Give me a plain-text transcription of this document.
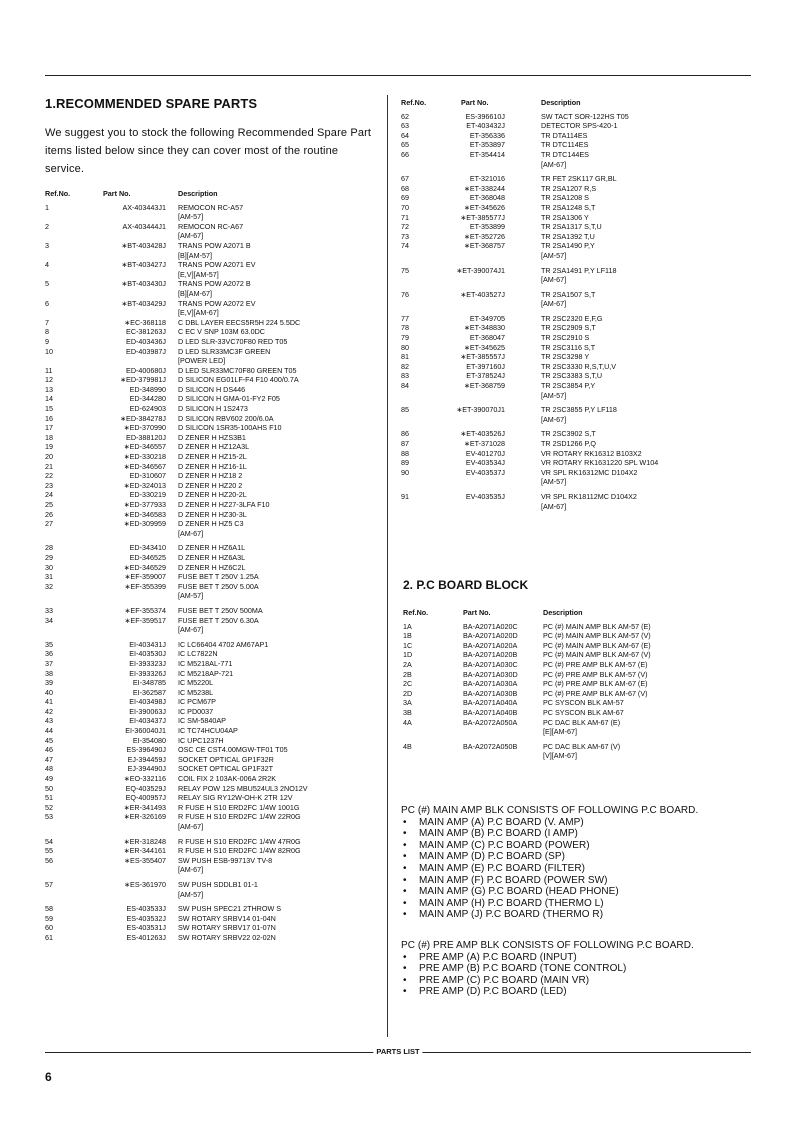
1.RECOMMENDED SPARE PARTS
We suggest you to stock the following Recommended Spare Part items listed below since they can cover most of the routine service.
Ref.No.	Part No.	Description
1	AX-403443J1	REMOCON RC-A57
[AM-57]
2	AX-403444J1	REMOCON RC-A67
[AM-67]
3	∗BT-403428J	TRANS POW A2071 B
[B][AM-57]
4	∗BT-403427J	TRANS POW A2071 EV
[E,V][AM-57]
5	∗BT-403430J	TRANS POW A2072 B
[B][AM-67]
6	∗BT-403429J	TRANS POW A2072 EV
[E,V][AM-67]
7	∗EC-368118	C DBL LAYER EECS5R5H 224 5.5DC
8	EC-381263J	C EC V SNP 103M 63.0DC
9	ED-403436J	D LED SLR-33VC70F80 RED T05
10	ED-403987J	D LED SLR33MC3F GREEN
[POWER LED]
11	ED-400680J	D LED SLR33MC70F80 GREEN T05
12	∗ED-379981J	D SILICON EG01LF-F4 F10 400/0.7A
13	ED-348990	D SILICON H DS446
14	ED-344280	D SILICON H GMA-01-FY2 F05
15	ED-624903	D SILICON H 1S2473
16	∗ED-384278J	D SILICON RBV602 200/6.0A
17	∗ED-370990	D SILICON 1SR35-100AHS F10
18	ED-388120J	D ZENER H HZS3B1
19	∗ED-346557	D ZENER H HZ12A3L
20	∗ED-330218	D ZENER H HZ15-2L
21	∗ED-346567	D ZENER H HZ16-1L
22	ED-310607	D ZENER H HZ18 2
23	∗ED-324013	D ZENER H HZ20 2
24	ED-330219	D ZENER H HZ20-2L
25	∗ED-377933	D ZENER H HZ27-3LFA F10
26	∗ED-346583	D ZENER H HZ30-3L
27	∗ED-309959	D ZENER H HZ5 C3
[AM-67]
28	ED-343410	D ZENER H HZ6A1L
29	ED-346525	D ZENER H HZ6A3L
30	∗ED-346529	D ZENER H HZ6C2L
31	∗EF-359007	FUSE BET T 250V 1.25A
32	∗EF-355399	FUSE BET T 250V 5.00A
[AM-57]
33	∗EF-355374	FUSE BET T 250V 500MA
34	∗EF-359517	FUSE BET T 250V 6.30A
[AM-67]
35	EI-403431J	IC LC66404 4702 AM67AP1
36	EI-403530J	IC LC7822N
37	EI-393323J	IC M5218AL-771
38	EI-393326J	IC M5218AP-721
39	EI-348785	IC M5220L
40	EI-362587	IC M5238L
41	EI-403498J	IC PCM67P
42	EI-390063J	IC PD0037
43	EI-403437J	IC SM-5840AP
44	EI-360040J1	IC TC74HCU04AP
45	EI-354080	IC UPC1237H
46	ES-396490J	OSC CE CST4.00MGW-TF01 T05
47	EJ-394459J	SOCKET OPTICAL GP1F32R
48	EJ-394490J	SOCKET OPTICAL GP1F32T
49	∗EO-332116	COIL FIX 2 103AK-006A 2R2K
50	EQ-403529J	RELAY POW 12S MBU524UL3 2NO12V
51	EQ-400957J	RELAY SIG RY12W-OH-K 2TR 12V
52	∗ER-341493	R FUSE H S10 ERD2FC 1/4W 1001G
53	∗ER-326169	R FUSE H S10 ERD2FC 1/4W 22R0G
[AM-67]
54	∗ER-318248	R FUSE H S10 ERD2FC 1/4W 47R0G
55	∗ER-344161	R FUSE H S10 ERD2FC 1/4W 82R0G
56	∗ES-355407	SW PUSH ESB-99713V TV-8
[AM-67]
57	∗ES-361970	SW PUSH SDDLB1 01-1
[AM-57]
58	ES-403533J	SW PUSH SPEC21 2THROW S
59	ES-403532J	SW ROTARY SRBV14 01-04N
60	ES-403531J	SW ROTARY SRBV17 01-07N
61	ES-401263J	SW ROTARY SRBV22 02-02N
Ref.No.	Part No.	Description
62	ES-396610J	SW TACT SOR-122HS T05
63	ET-403432J	DETECTOR SPS-420-1
64	ET-356336	TR DTA114ES
65	ET-353897	TR DTC114ES
66	ET-354414	TR DTC144ES
[AM-67]
67	ET-321016	TR FET 2SK117 GR,BL
68	∗ET-338244	TR 2SA1207 R,S
69	ET-368048	TR 2SA1208 S
70	∗ET-345626	TR 2SA1248 S,T
71	∗ET-385577J	TR 2SA1306 Y
72	ET-353899	TR 2SA1317 S,T,U
73	∗ET-352726	TR 2SA1392 T,U
74	∗ET-368757	TR 2SA1490 P,Y
[AM-57]
75	∗ET-390074J1	TR 2SA1491 P,Y LF118
[AM-67]
76	∗ET-403527J	TR 2SA1507 S,T
[AM-67]
77	ET-349705	TR 2SC2320 E,F,G
78	∗ET-348830	TR 2SC2909 S,T
79	ET-368047	TR 2SC2910 S
80	∗ET-345625	TR 2SC3116 S,T
81	∗ET-385557J	TR 2SC3298 Y
82	ET-397160J	TR 2SC3330 R,S,T,U,V
83	ET-378524J	TR 2SC3383 S,T,U
84	∗ET-368759	TR 2SC3854 P,Y
[AM-57]
85	∗ET-390070J1	TR 2SC3855 P,Y LF118
[AM-67]
86	∗ET-403526J	TR 2SC3902 S,T
87	∗ET-371028	TR 2SD1266 P,Q
88	EV-401270J	VR ROTARY RK16312 B103X2
89	EV-403534J	VR ROTARY RK1631220 SPL W104
90	EV-403537J	VR SPL RK16312MC D104X2
[AM-57]
91	EV-403535J	VR SPL RK18112MC D104X2
[AM-67]
2. P.C BOARD BLOCK
Ref.No.	Part No.	Description
1A	BA-A2071A020C	PC (#) MAIN AMP BLK AM-57 (E)
1B	BA-A2071A020D	PC (#) MAIN AMP BLK AM-57 (V)
1C	BA-A2071A020A	PC (#) MAIN AMP BLK AM-67 (E)
1D	BA-A2071A020B	PC (#) MAIN AMP BLK AM-67 (V)
2A	BA-A2071A030C	PC (#) PRE AMP BLK AM-57 (E)
2B	BA-A2071A030D	PC (#) PRE AMP BLK AM-57 (V)
2C	BA-A2071A030A	PC (#) PRE AMP BLK AM-67 (E)
2D	BA-A2071A030B	PC (#) PRE AMP BLK AM-67 (V)
3A	BA-A2071A040A	PC SYSCON BLK AM-57
3B	BA-A2071A040B	PC SYSCON BLK AM-67
4A	BA-A2072A050A	PC DAC BLK AM-67 (E)
[E][AM-67]
4B	BA-A2072A050B	PC DAC BLK AM-67 (V)
[V][AM-67]
PC (#) MAIN AMP BLK CONSISTS OF FOLLOWING P.C BOARD.
• MAIN AMP (A) P.C BOARD (V. AMP)
• MAIN AMP (B) P.C BOARD (I AMP)
• MAIN AMP (C) P.C BOARD (POWER)
• MAIN AMP (D) P.C BOARD (SP)
• MAIN AMP (E) P.C BOARD (FILTER)
• MAIN AMP (F) P.C BOARD (POWER SW)
• MAIN AMP (G) P.C BOARD (HEAD PHONE)
• MAIN AMP (H) P.C BOARD (THERMO L)
• MAIN AMP (J) P.C BOARD (THERMO R)
PC (#) PRE AMP BLK CONSISTS OF FOLLOWING P.C BOARD.
• PRE AMP (A) P.C BOARD (INPUT)
• PRE AMP (B) P.C BOARD (TONE CONTROL)
• PRE AMP (C) P.C BOARD (MAIN VR)
• PRE AMP (D) P.C BOARD (LED)
PARTS LIST
6
